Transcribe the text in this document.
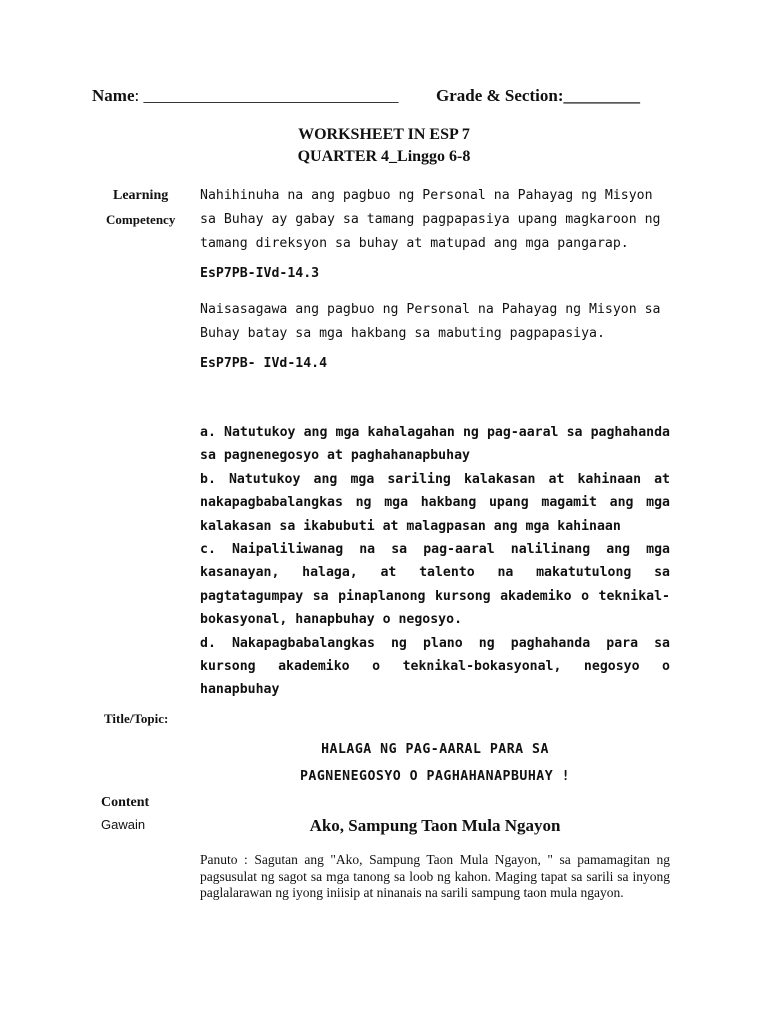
Name: ______________________________ Grade & Section:_________
WORKSHEET IN ESP 7
QUARTER 4_Linggo 6-8
Learning
Competency
Nahihinuha na ang pagbuo ng Personal na Pahayag ng Misyon sa Buhay ay gabay sa tamang pagpapasiya upang magkaroon ng tamang direksyon sa buhay at matupad ang mga pangarap.
EsP7PB-IVd-14.3
Naisasagawa ang pagbuo ng Personal na Pahayag ng Misyon sa Buhay batay sa mga hakbang sa mabuting pagpapasiya.
EsP7PB- IVd-14.4

a. Natutukoy ang mga kahalagahan ng pag-aaral sa paghahanda sa pagnenegosyo at paghahanapbuhay

b. Natutukoy ang mga sariling kalakasan at kahinaan at nakapagbabalangkas ng mga hakbang upang magamit ang mga kalakasan sa ikabubuti at malagpasan ang mga kahinaan

c. Naipaliliwanag na sa pag-aaral nalilinang ang mga kasanayan, halaga, at talento na makatutulong sa pagtatagumpay sa pinaplanong kursong akademiko o teknikal-bokasyonal, hanapbuhay o negosyo.

d. Nakapagbabalangkas ng plano ng paghahanda para sa kursong akademiko o teknikal-bokasyonal, negosyo o hanapbuhay

Title/Topic:
HALAGA NG PAG-AARAL PARA SA
PAGNENEGOSYO O PAGHAHANAPBUHAY !
Content
Gawain	Ako, Sampung Taon Mula Ngayon
Panuto : Sagutan ang "Ako, Sampung Taon Mula Ngayon, " sa pamamagitan ng pagsusulat ng sagot sa mga tanong sa loob ng kahon. Maging tapat sa sarili sa inyong paglalarawan ng iyong iniisip at ninanais na sarili sampung taon mula ngayon.
